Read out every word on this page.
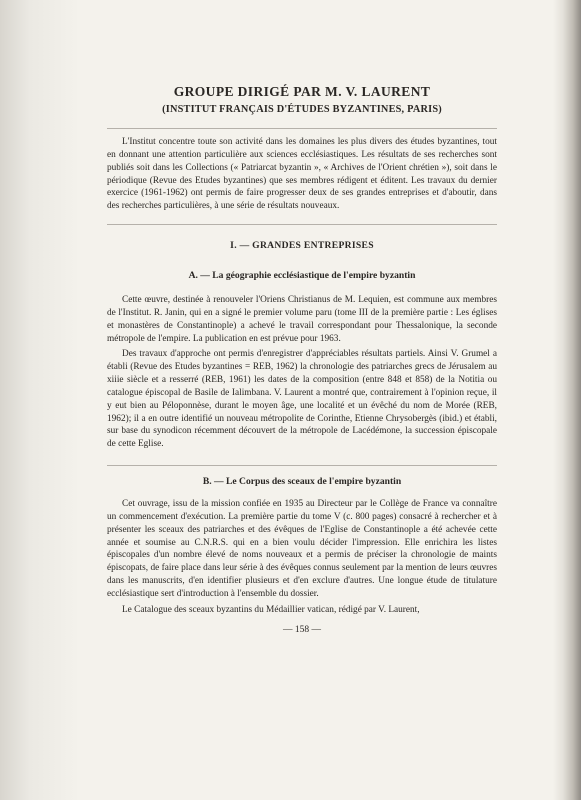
GROUPE DIRIGÉ PAR M. V. LAURENT
(INSTITUT FRANÇAIS D'ÉTUDES BYZANTINES, PARIS)

L'Institut concentre toute son activité dans les domaines les plus divers des études byzantines, tout en donnant une attention particulière aux sciences ecclésiastiques. Les résultats de ses recherches sont publiés soit dans les Collections (« Patriarcat byzantin », « Archives de l'Orient chrétien »), soit dans le périodique (Revue des Etudes byzantines) que ses membres rédigent et éditent. Les travaux du dernier exercice (1961-1962) ont permis de faire progresser deux de ses grandes entreprises et d'aboutir, dans des recherches particulières, à une série de résultats nouveaux.

I. — GRANDES ENTREPRISES
A. — La géographie ecclésiastique de l'empire byzantin

Cette œuvre, destinée à renouveler l'Oriens Christianus de M. Lequien, est commune aux membres de l'Institut. R. Janin, qui en a signé le premier volume paru (tome III de la première partie : Les églises et monastères de Constantinople) a achevé le travail correspondant pour Thessalonique, la seconde métropole de l'empire. La publication en est prévue pour 1963.

Des travaux d'approche ont permis d'enregistrer d'appréciables résultats partiels. Ainsi V. Grumel a établi (Revue des Etudes byzantines = REB, 1962) la chronologie des patriarches grecs de Jérusalem au xiiie siècle et a resserré (REB, 1961) les dates de la composition (entre 848 et 858) de la Notitia ou catalogue épiscopal de Basile de Ialimbana. V. Laurent a montré que, contrairement à l'opinion reçue, il y eut bien au Péloponnèse, durant le moyen âge, une localité et un évêché du nom de Morée (REB, 1962); il a en outre identifié un nouveau métropolite de Corinthe, Etienne Chrysobergès (ibid.) et établi, sur base du synodicon récemment découvert de la métropole de Lacédémone, la succession épiscopale de cette Eglise.

B. — Le Corpus des sceaux de l'empire byzantin

Cet ouvrage, issu de la mission confiée en 1935 au Directeur par le Collège de France va connaître un commencement d'exécution. La première partie du tome V (c. 800 pages) consacré à rechercher et à présenter les sceaux des patriarches et des évêques de l'Eglise de Constantinople a été achevée cette année et soumise au C.N.R.S. qui en a bien voulu décider l'impression. Elle enrichira les listes épiscopales d'un nombre élevé de noms nouveaux et a permis de préciser la chronologie de maints épiscopats, de faire place dans leur série à des évêques connus seulement par la mention de leurs œuvres dans les manuscrits, d'en identifier plusieurs et d'en exclure d'autres. Une longue étude de titulature ecclésiastique sert d'introduction à l'ensemble du dossier.

Le Catalogue des sceaux byzantins du Médaillier vatican, rédigé par V. Laurent,

— 158 —
